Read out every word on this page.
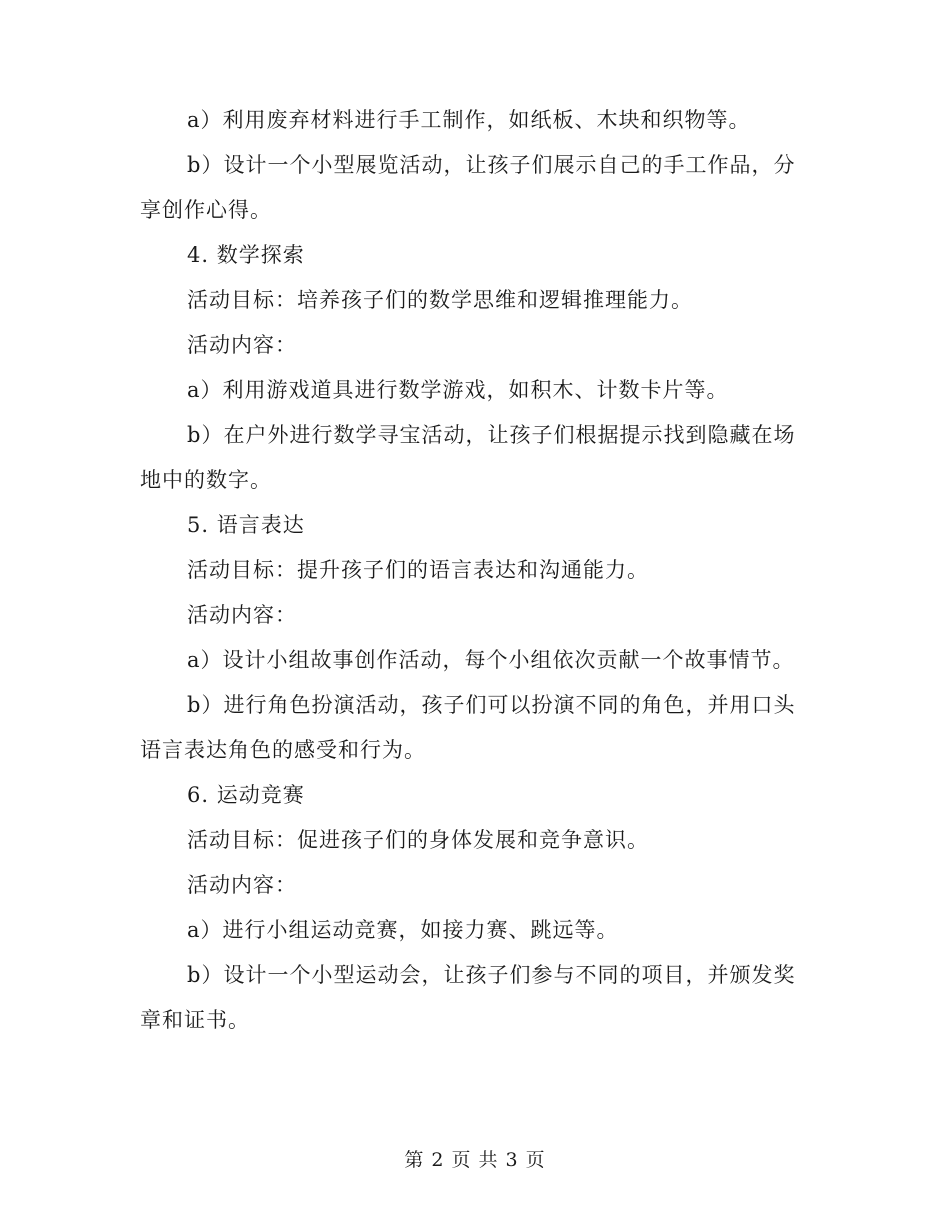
a）利用废弃材料进行手工制作，如纸板、木块和织物等。

b）设计一个小型展览活动，让孩子们展示自己的手工作品，分享创作心得。

4. 数学探索

活动目标：培养孩子们的数学思维和逻辑推理能力。

活动内容：

a）利用游戏道具进行数学游戏，如积木、计数卡片等。

b）在户外进行数学寻宝活动，让孩子们根据提示找到隐藏在场地中的数字。

5. 语言表达

活动目标：提升孩子们的语言表达和沟通能力。

活动内容：

a）设计小组故事创作活动，每个小组依次贡献一个故事情节。

b）进行角色扮演活动，孩子们可以扮演不同的角色，并用口头语言表达角色的感受和行为。

6. 运动竞赛

活动目标：促进孩子们的身体发展和竞争意识。

活动内容：

a）进行小组运动竞赛，如接力赛、跳远等。

b）设计一个小型运动会，让孩子们参与不同的项目，并颁发奖章和证书。

第 2 页 共 3 页
